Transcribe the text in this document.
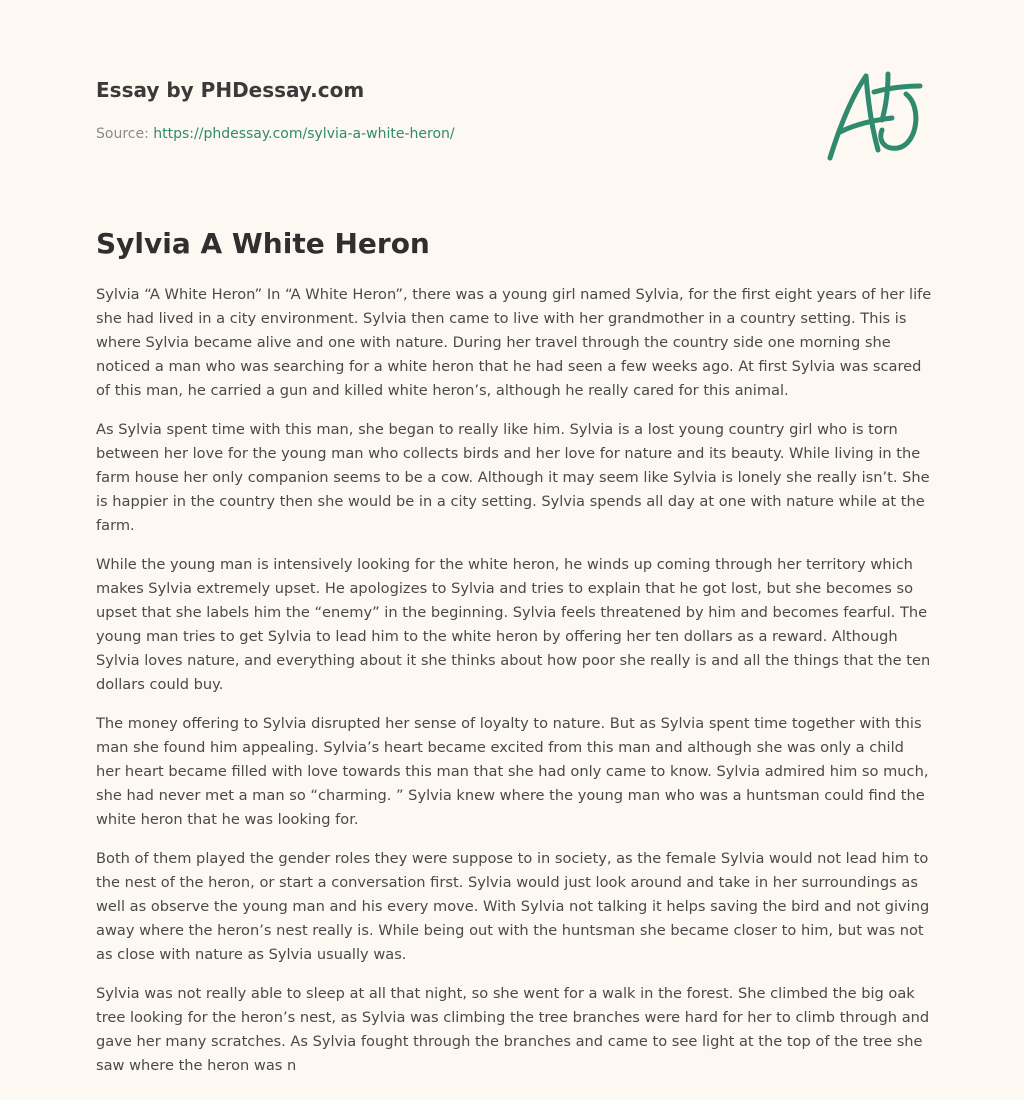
Essay by PHDessay.com
Source: https://phdessay.com/sylvia-a-white-heron/
Sylvia A White Heron

Sylvia “A White Heron” In “A White Heron”, there was a young girl named Sylvia, for the first eight years of her life she had lived in a city environment. Sylvia then came to live with her grandmother in a country setting. This is where Sylvia became alive and one with nature. During her travel through the country side one morning she noticed a man who was searching for a white heron that he had seen a few weeks ago. At first Sylvia was scared of this man, he carried a gun and killed white heron’s, although he really cared for this animal.

As Sylvia spent time with this man, she began to really like him. Sylvia is a lost young country girl who is torn between her love for the young man who collects birds and her love for nature and its beauty. While living in the farm house her only companion seems to be a cow. Although it may seem like Sylvia is lonely she really isn’t. She is happier in the country then she would be in a city setting. Sylvia spends all day at one with nature while at the farm.

While the young man is intensively looking for the white heron, he winds up coming through her territory which makes Sylvia extremely upset. He apologizes to Sylvia and tries to explain that he got lost, but she becomes so upset that she labels him the “enemy” in the beginning. Sylvia feels threatened by him and becomes fearful. The young man tries to get Sylvia to lead him to the white heron by offering her ten dollars as a reward. Although Sylvia loves nature, and everything about it she thinks about how poor she really is and all the things that the ten dollars could buy.

The money offering to Sylvia disrupted her sense of loyalty to nature. But as Sylvia spent time together with this man she found him appealing. Sylvia’s heart became excited from this man and although she was only a child her heart became filled with love towards this man that she had only came to know. Sylvia admired him so much, she had never met a man so “charming. ” Sylvia knew where the young man who was a huntsman could find the white heron that he was looking for.

Both of them played the gender roles they were suppose to in society, as the female Sylvia would not lead him to the nest of the heron, or start a conversation first. Sylvia would just look around and take in her surroundings as well as observe the young man and his every move. With Sylvia not talking it helps saving the bird and not giving away where the heron’s nest really is. While being out with the huntsman she became closer to him, but was not as close with nature as Sylvia usually was.

Sylvia was not really able to sleep at all that night, so she went for a walk in the forest. She climbed the big oak tree looking for the heron’s nest, as Sylvia was climbing the tree branches were hard for her to climb through and gave her many scratches. As Sylvia fought through the branches and came to see light at the top of the tree she saw where the heron was n
